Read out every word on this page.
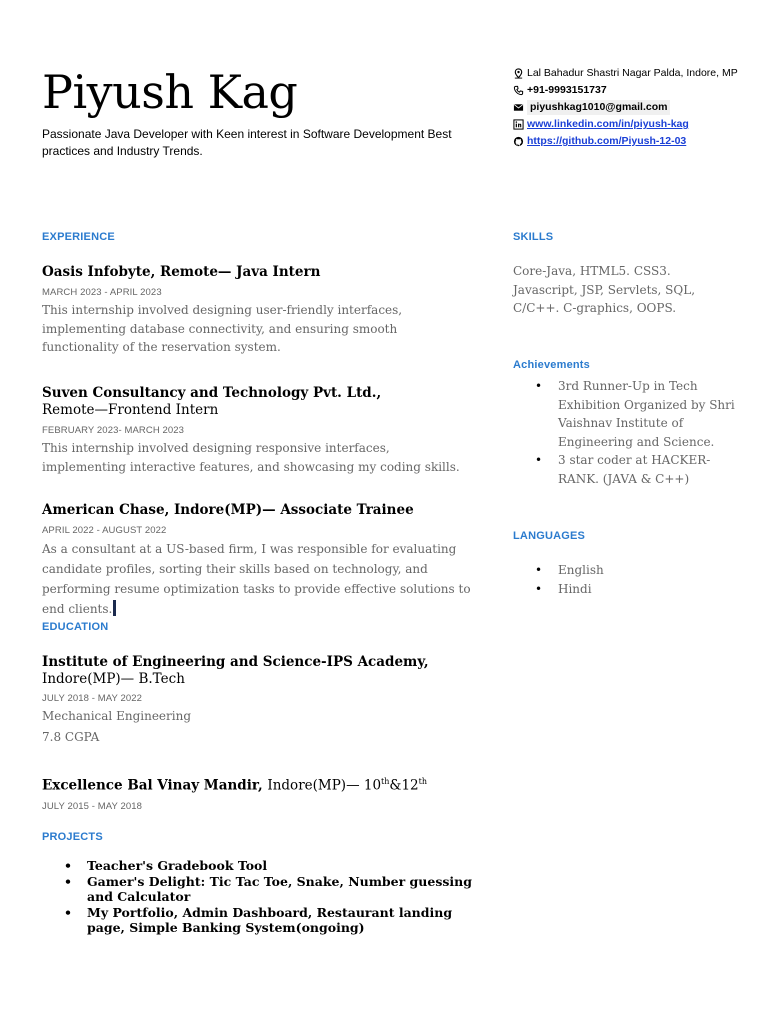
Piyush Kag
Passionate Java Developer with Keen interest in Software Development Best practices and Industry Trends.
Lal Bahadur Shastri Nagar Palda, Indore, MP
+91-9993151737
piyushkag1010@gmail.com
www.linkedin.com/in/piyush-kag
https://github.com/Piyush-12-03
EXPERIENCE
Oasis Infobyte, Remote— Java Intern
MARCH 2023 - APRIL 2023
This internship involved designing user-friendly interfaces, implementing database connectivity, and ensuring smooth functionality of the reservation system.
Suven Consultancy and Technology Pvt. Ltd.,
Remote—Frontend Intern
FEBRUARY 2023- MARCH 2023
This internship involved designing responsive interfaces, implementing interactive features, and showcasing my coding skills.
American Chase, Indore(MP)— Associate Trainee
APRIL 2022 - AUGUST 2022
As a consultant at a US-based firm, I was responsible for evaluating candidate profiles, sorting their skills based on technology, and performing resume optimization tasks to provide effective solutions to end clients.
EDUCATION
Institute of Engineering and Science-IPS Academy,
Indore(MP)— B.Tech
JULY 2018 - MAY 2022
Mechanical Engineering
7.8 CGPA
Excellence Bal Vinay Mandir, Indore(MP)— 10th&12th
JULY 2015 - MAY 2018
PROJECTS
• Teacher's Gradebook Tool
• Gamer's Delight: Tic Tac Toe, Snake, Number guessing and Calculator
• My Portfolio, Admin Dashboard, Restaurant landing page, Simple Banking System(ongoing)
SKILLS
Core-Java, HTML5. CSS3. Javascript, JSP, Servlets, SQL, C/C++. C-graphics, OOPS.
Achievements
• 3rd Runner-Up in Tech Exhibition Organized by Shri Vaishnav Institute of Engineering and Science.
• 3 star coder at HACKER-RANK. (JAVA & C++)
LANGUAGES
• English
• Hindi
